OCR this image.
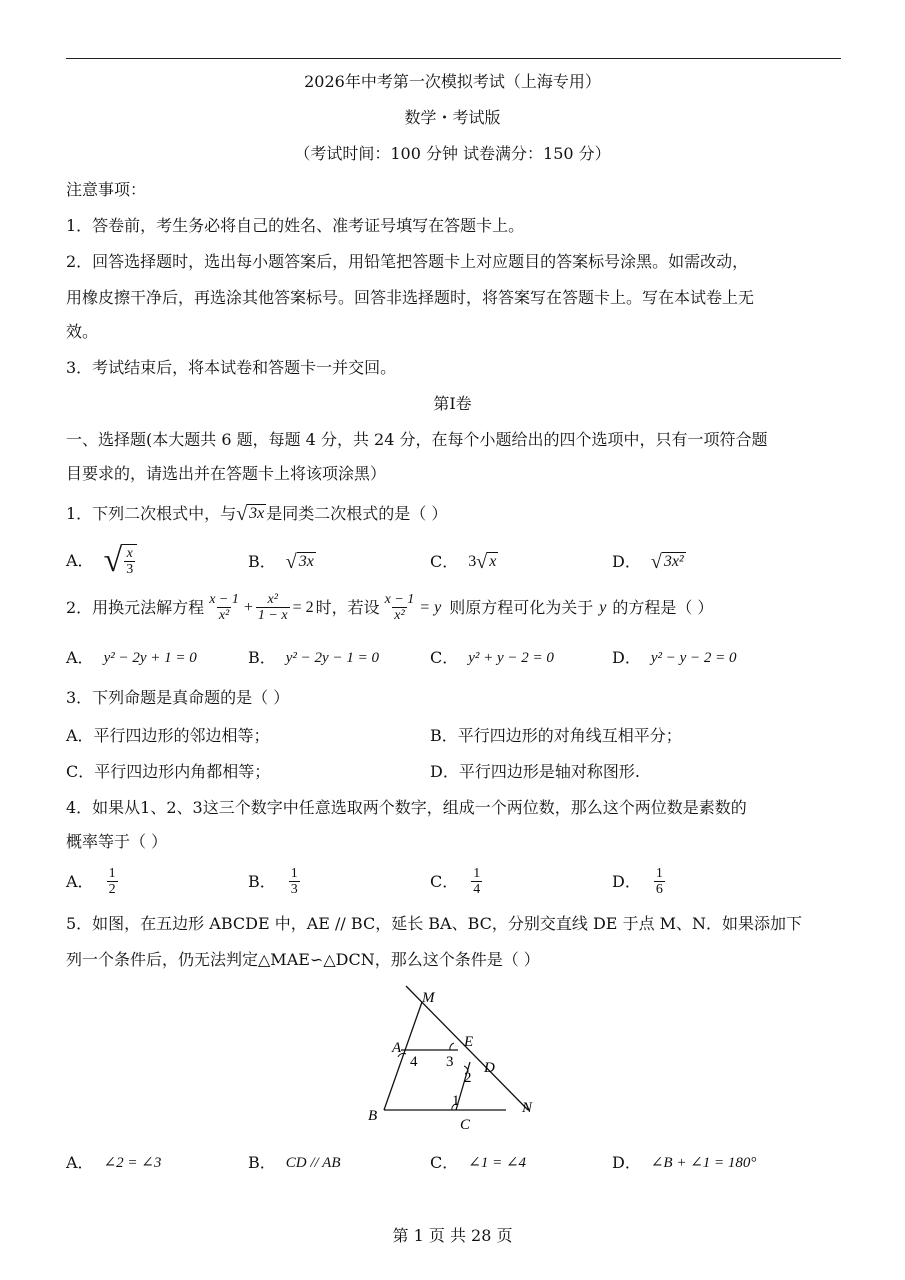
2026年中考第一次模拟考试（上海专用）
数学・考试版
（考试时间：100 分钟 试卷满分：150 分）
注意事项：
1．答卷前，考生务必将自己的姓名、准考证号填写在答题卡上。
2．回答选择题时，选出每小题答案后，用铅笔把答题卡上对应题目的答案标号涂黑。如需改动，
用橡皮擦干净后，再选涂其他答案标号。回答非选择题时，将答案写在答题卡上。写在本试卷上无
效。
3．考试结束后，将本试卷和答题卡一并交回。
第Ⅰ卷
一、选择题(本大题共 6 题，每题 4 分，共 24 分，在每个小题给出的四个选项中，只有一项符合题
目要求的，请选出并在答题卡上将该项涂黑）
1．下列二次根式中，与 √ 3x 是同类二次根式的是（ ）
A． √ $\frac{x}{3}$	B． √ 3x	C． 3 √ x	D． √ 3x²
2．用换元法解方程 $\frac{x - 1}{\text{x²}} + \frac{\text{x²}}{1 - x} = 2$ 时，若设 $\frac{x - 1}{\text{x²}} = y$ 则原方程可化为关于 y 的方程是（ ）
A． y² − 2y + 1 = 0	B． y² − 2y − 1 = 0	C． y² + y − 2 = 0	D． y² − y − 2 = 0
3．下列命题是真命题的是（ ）
A．平行四边形的邻边相等；	B．平行四边形的对角线互相平分；
C．平行四边形内角都相等；	D．平行四边形是轴对称图形.
4．如果从1、2、3这三个数字中任意选取两个数字，组成一个两位数，那么这个两位数是素数的
概率等于（ ）
A． $\frac{1}{2}$	B． $\frac{1}{3}$	C． $\frac{1}{4}$	D． $\frac{1}{6}$
5．如图，在五边形 ABCDE 中，AE // BC，延长 BA、BC，分别交直线 DE 于点 M、N．如果添加下
列一个条件后，仍无法判定△MAE∽△DCN，那么这个条件是（ ）
M
A	E
D
B
C
N
1
2
3
4
A． ∠2 = ∠3	B． CD // AB	C． ∠1 = ∠4	D． ∠B + ∠1 = 180°
第 1 页 共 28 页
